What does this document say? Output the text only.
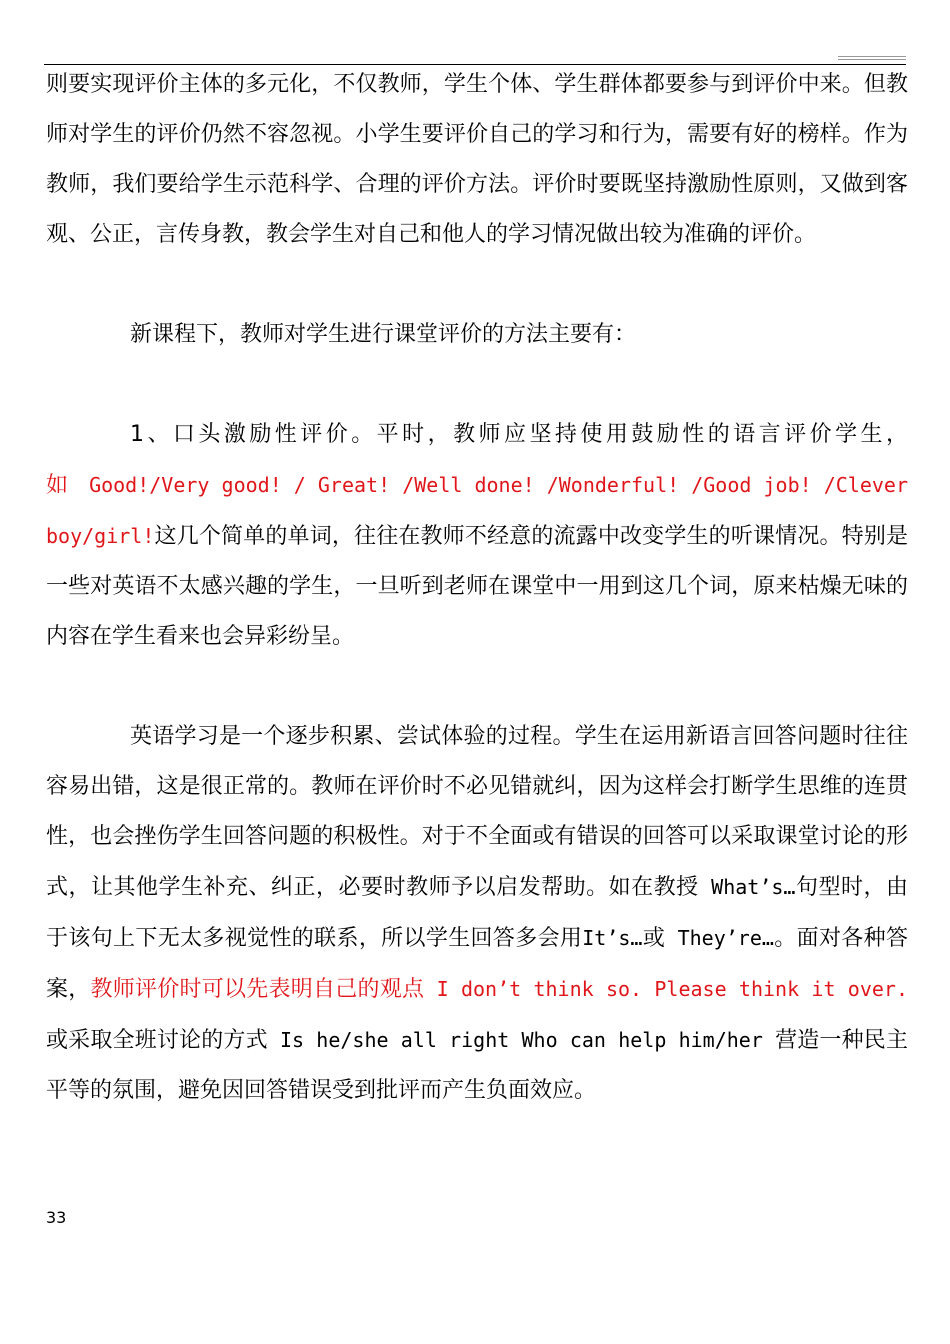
则要实现评价主体的多元化，不仅教师，学生个体、学生群体都要参与到评价中来。但教师对学生的评价仍然不容忽视。小学生要评价自己的学习和行为，需要有好的榜样。作为教师，我们要给学生示范科学、合理的评价方法。评价时要既坚持激励性原则，又做到客观、公正，言传身教，教会学生对自己和他人的学习情况做出较为准确的评价。

新课程下，教师对学生进行课堂评价的方法主要有：

1、口头激励性评价。平时，教师应坚持使用鼓励性的语言评价学生，如 Good!/Very good! / Great! /Well done! /Wonderful! /Good job! /Clever boy/girl!这几个简单的单词，往往在教师不经意的流露中改变学生的听课情况。特别是一些对英语不太感兴趣的学生，一旦听到老师在课堂中一用到这几个词，原来枯燥无味的内容在学生看来也会异彩纷呈。

英语学习是一个逐步积累、尝试体验的过程。学生在运用新语言回答问题时往往容易出错，这是很正常的。教师在评价时不必见错就纠，因为这样会打断学生思维的连贯性，也会挫伤学生回答问题的积极性。对于不全面或有错误的回答可以采取课堂讨论的形式，让其他学生补充、纠正，必要时教师予以启发帮助。如在教授 What’s…句型时，由于该句上下无太多视觉性的联系，所以学生回答多会用It’s…或 They’re…。面对各种答案，教师评价时可以先表明自己的观点 I don’t think so. Please think it over.或采取全班讨论的方式 Is he/she all right Who can help him/her 营造一种民主平等的氛围，避免因回答错误受到批评而产生负面效应。

33
